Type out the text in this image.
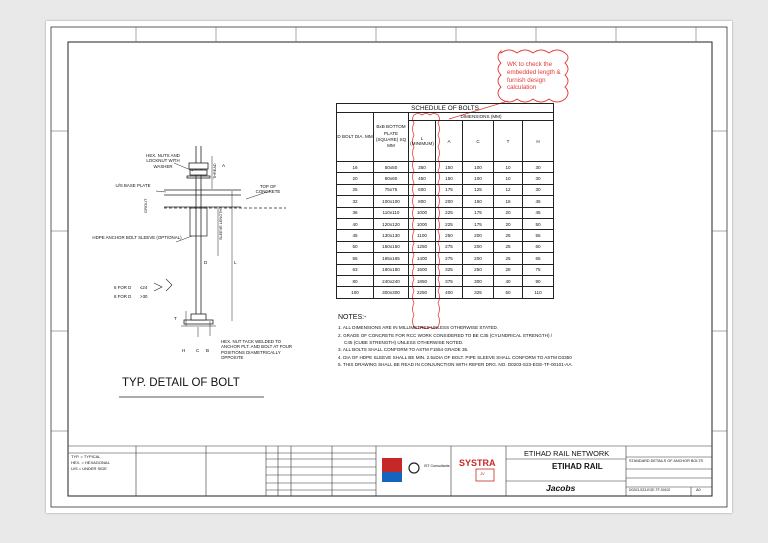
WK to check the embedded length & furnish design calculation
SCHEDULE OF BOLTS						
D BOLT DIA. MM	BxB BOTTOM PLATE (SQUARE) SQ MM	DIMENSIONS (MM)				
		L (MINIMUM)	A	C	T	H
16	50x50	350	150	100	10	30
20	60x60	450	150	100	10	30
25	75x75	600	175	125	12	30
32	100x100	800	200	150	16	45
36	110x110	1000	225	175	20	45
40	120x120	1000	225	175	20	50
45	130x130	1100	250	200	25	55
50	150x150	1250	275	200	25	60
56	165x165	1400	275	200	25	65
63	180x180	1600	325	250	28	75
80	240x240	1850	375	300	40	90
100	300x300	2250	400	325	50	110
NOTES:-
1. ALL DIMENSIONS ARE IN MILLIMETRES UNLESS OTHERWISE STATED.
2. GRADE OF CONCRETE FOR RCC WORK CONSIDERED TO BE C35 (CYLINDRICAL STRENGTH) /
C45 (CUBE STRENGTH) UNLESS OTHERWISE NOTED.
3. ALL BOLTS SHALL CONFORM TO ASTM F1554 GRADE 36.
4. DIA OF HDPE SLEEVE SHALL BE MIN. 2.5xDIA OF BOLT. PIPE SLEEVE SHALL CONFORM TO ASTM D3350
5. THIS DRAWING SHALL BE READ IN CONJUNCTION WITH REFER DRG. NO. D0203-S23-EGE-TF-00101-AA.
HEX. NUTS AND LOCKNUT WITH WASHER
U/S BASE PLATE
GROUT
TOP OF CONCRETE
HDPE ANCHOR BOLT SLEEVE (OPTIONAL)
THREAD A
D	L
T
C B
H
SLEEVE LENGTH
6 FOR D ≤24
8 FOR D >30
HEX. NUT TACK WELDED TO ANCHOR PLT. AND BOLT AT FOUR POSITIONS DIAMETRICALLY OPPOSITE
TYP. DETAIL OF BOLT
TYP. = TYPICAL
HEX. = HEXAGONAL
U/S = UNDER SIDE	IST Consultants SYSTRA
JV
ETIHAD RAIL NETWORK
ETIHAD RAIL
Jacobs
STANDARD DETAILS OF ANCHOR BOLTS
D0203-S23-EGE-TF-00102	A0
